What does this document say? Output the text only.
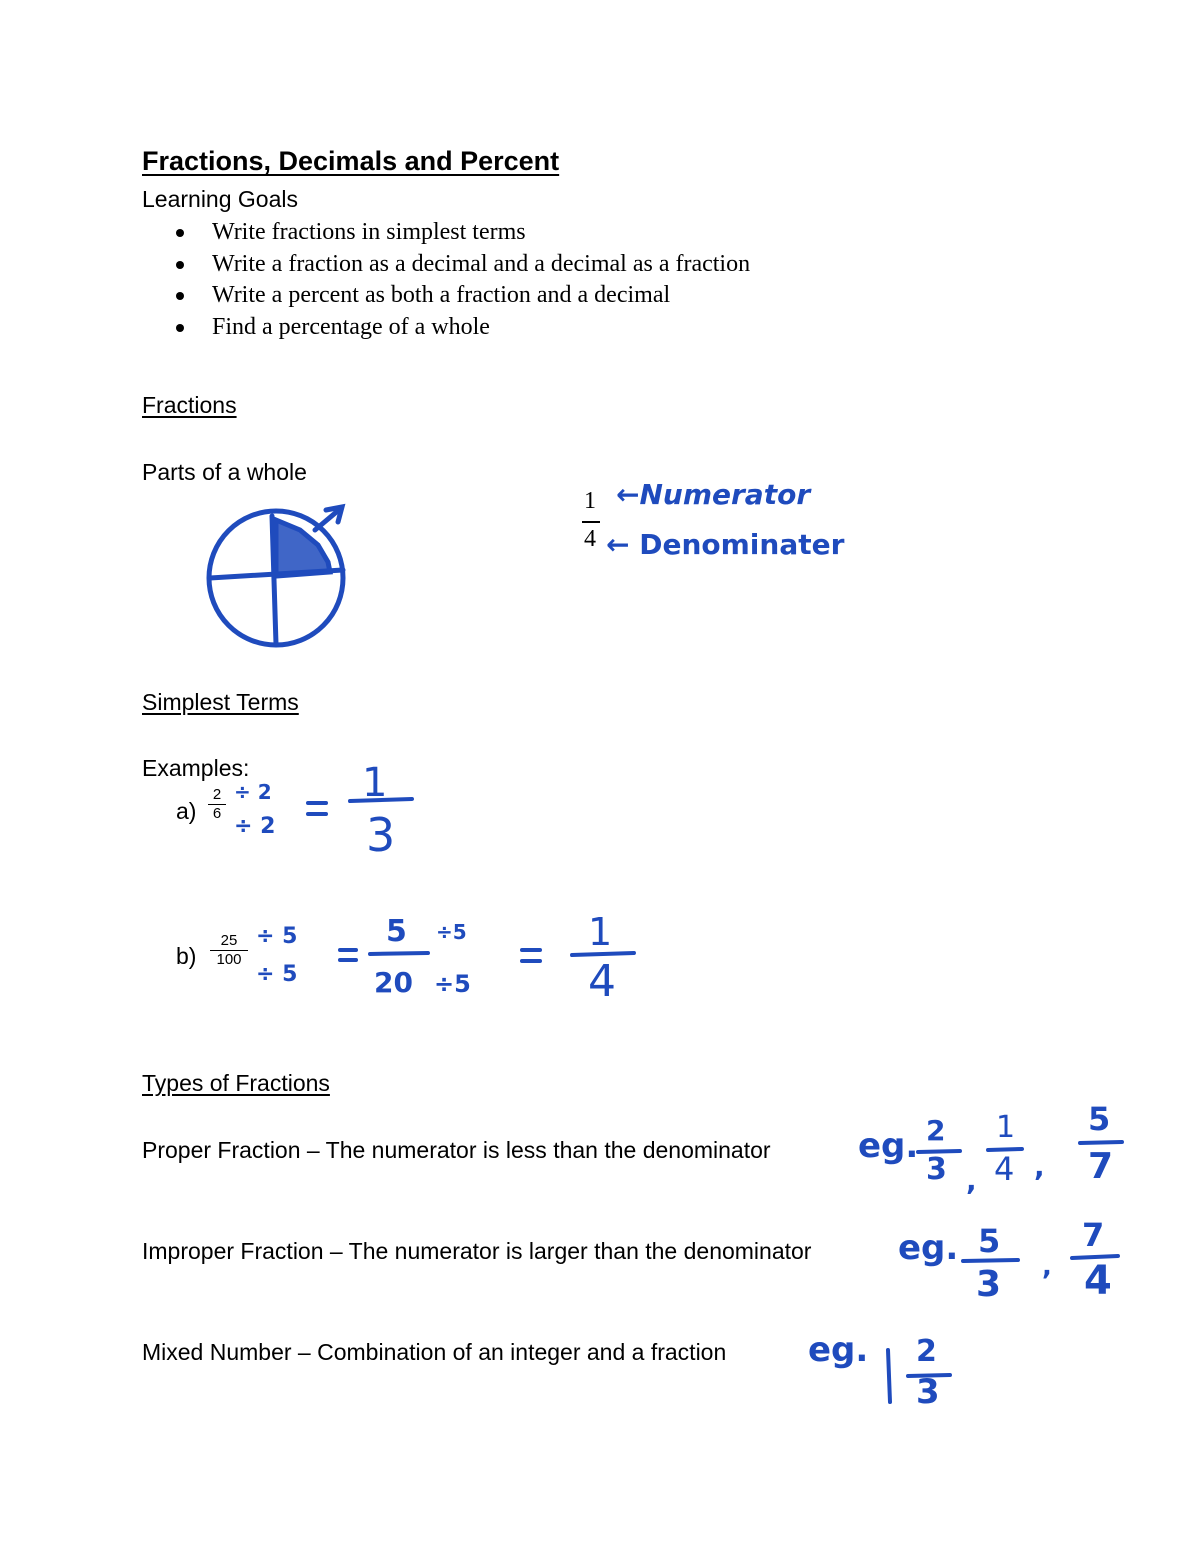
Fractions, Decimals and Percent
Learning Goals
Write fractions in simplest terms
Write a fraction as a decimal and a decimal as a fraction
Write a percent as both a fraction and a decimal
Find a percentage of a whole
Fractions
Parts of a whole
1
4
←Numerator
← Denominater
Simplest Terms
Examples:
$a) \frac{2}{6} \div 2$
÷ 2
1
3
$b) \frac{25}{100} \div 5$
÷ 5
5
20
÷5
÷5
1
4
Types of Fractions
Proper Fraction – The numerator is less than the denominator
Improper Fraction – The numerator is larger than the denominator
Mixed Number – Combination of an integer and a fraction
eg.
eg.
eg.
2
3 ,
1
4 ,
5
7
5
3 ,
7
4
2
3
